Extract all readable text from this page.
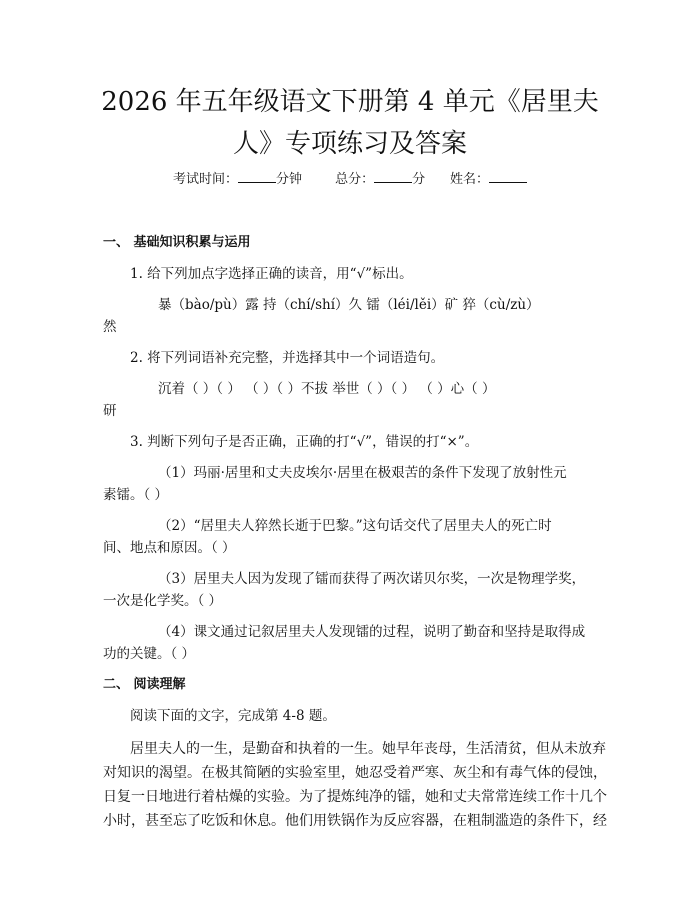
2026 年五年级语文下册第 4 单元《居里夫
人》专项练习及答案
考试时间：	分钟	总分：	分 姓名：
一、 基础知识积累与运用
1. 给下列加点字选择正确的读音，用“√”标出。
暴（bào/pù）露 持（chí/shí）久 镭（léi/lěi）矿 猝（cù/zù）
然
2. 将下列词语补充完整，并选择其中一个词语造句。
沉着（ ）（ ） （ ）（ ）不拔 举世（ ）（ ） （ ）心（ ）
研
3. 判断下列句子是否正确，正确的打“√”，错误的打“×”。
（1）玛丽·居里和丈夫皮埃尔·居里在极艰苦的条件下发现了放射性元
素镭。（ ）
（2）“居里夫人猝然长逝于巴黎。”这句话交代了居里夫人的死亡时
间、地点和原因。（ ）
（3）居里夫人因为发现了镭而获得了两次诺贝尔奖，一次是物理学奖，
一次是化学奖。（ ）
（4）课文通过记叙居里夫人发现镭的过程，说明了勤奋和坚持是取得成
功的关键。（ ）
二、 阅读理解
阅读下面的文字，完成第 4-8 题。
居里夫人的一生，是勤奋和执着的一生。她早年丧母，生活清贫，但从未放弃
对知识的渴望。在极其简陋的实验室里，她忍受着严寒、灰尘和有毒气体的侵蚀，
日复一日地进行着枯燥的实验。为了提炼纯净的镭，她和丈夫常常连续工作十几个
小时，甚至忘了吃饭和休息。他们用铁锅作为反应容器，在粗制滥造的条件下，经
